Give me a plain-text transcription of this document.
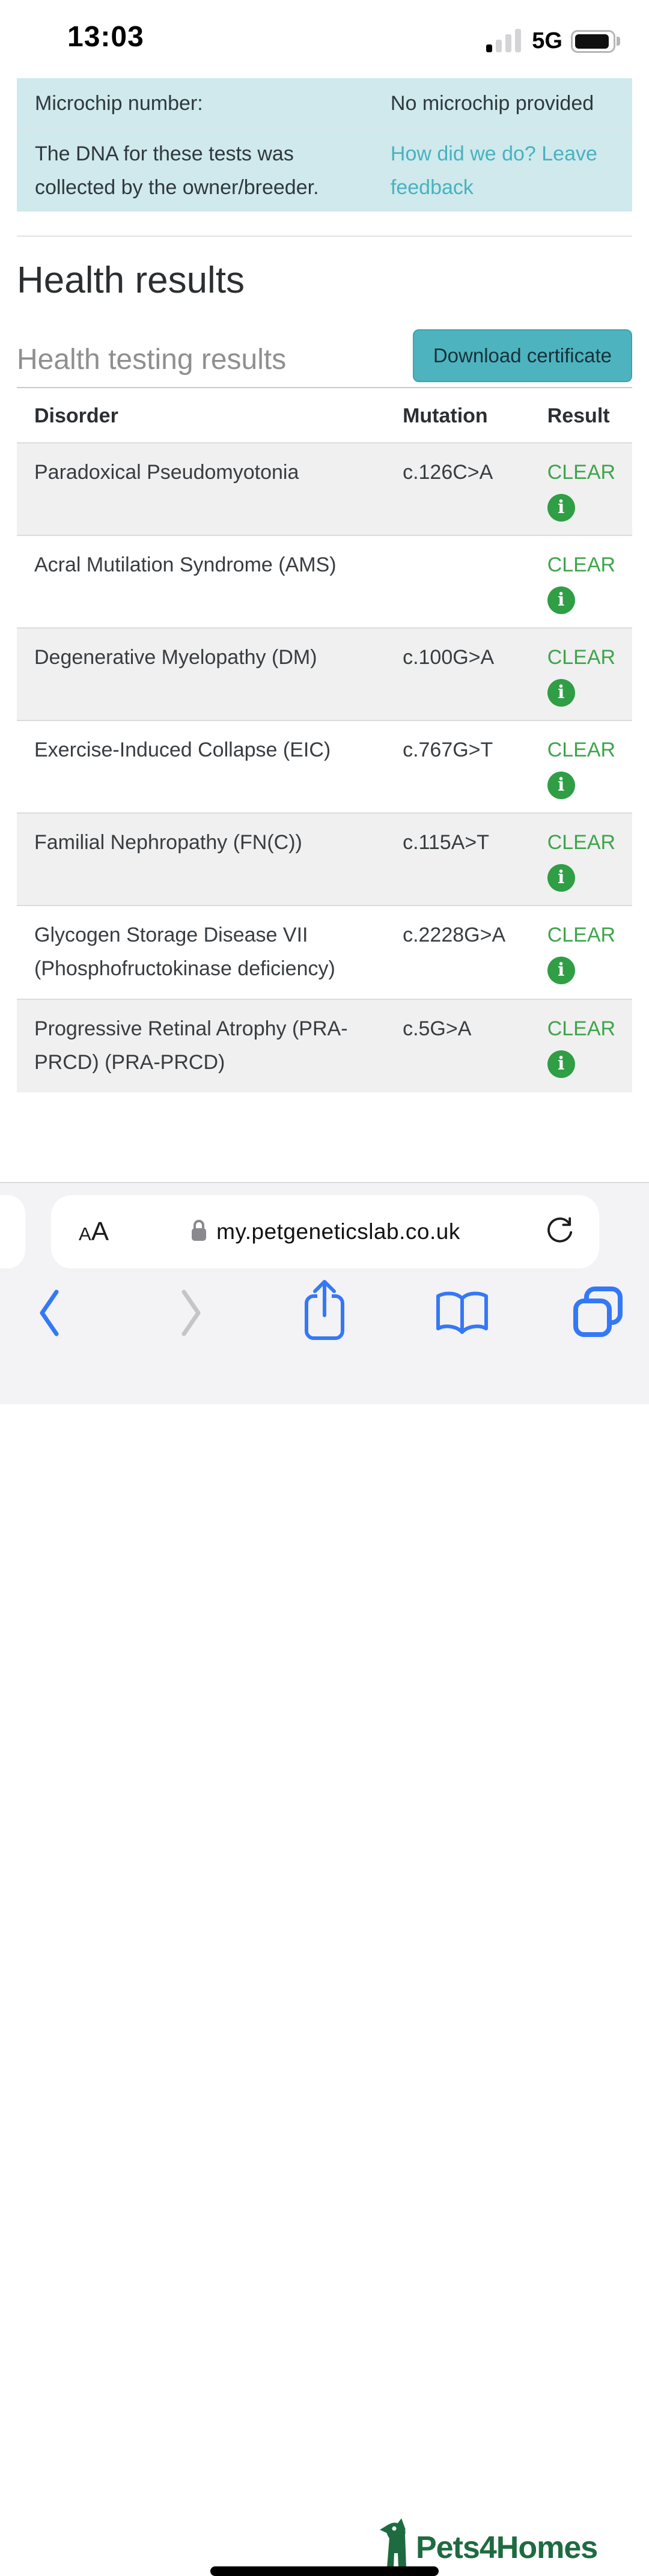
13:03	5G
Microchip number:	No microchip provided
The DNA for these tests was collected by the owner/breeder.
How did we do? Leave feedback
Health results
Health testing results	Download certificate
Disorder	Mutation	Result
Paradoxical Pseudomyotonia	c.126C>A	CLEAR
i

Acral Mutilation Syndrome (AMS)		CLEAR
i

Degenerative Myelopathy (DM)	c.100G>A	CLEAR
i

Exercise-Induced Collapse (EIC)	c.767G>T	CLEAR
i

Familial Nephropathy (FN(C))	c.115A>T	CLEAR
i

Glycogen Storage Disease VII (Phosphofructokinase deficiency)	c.2228G>A	CLEAR
i

Progressive Retinal Atrophy (PRA-PRCD) (PRA-PRCD)	c.5G>A	CLEAR
i
AA	my.petgeneticslab.co.uk
Pets4Homes
